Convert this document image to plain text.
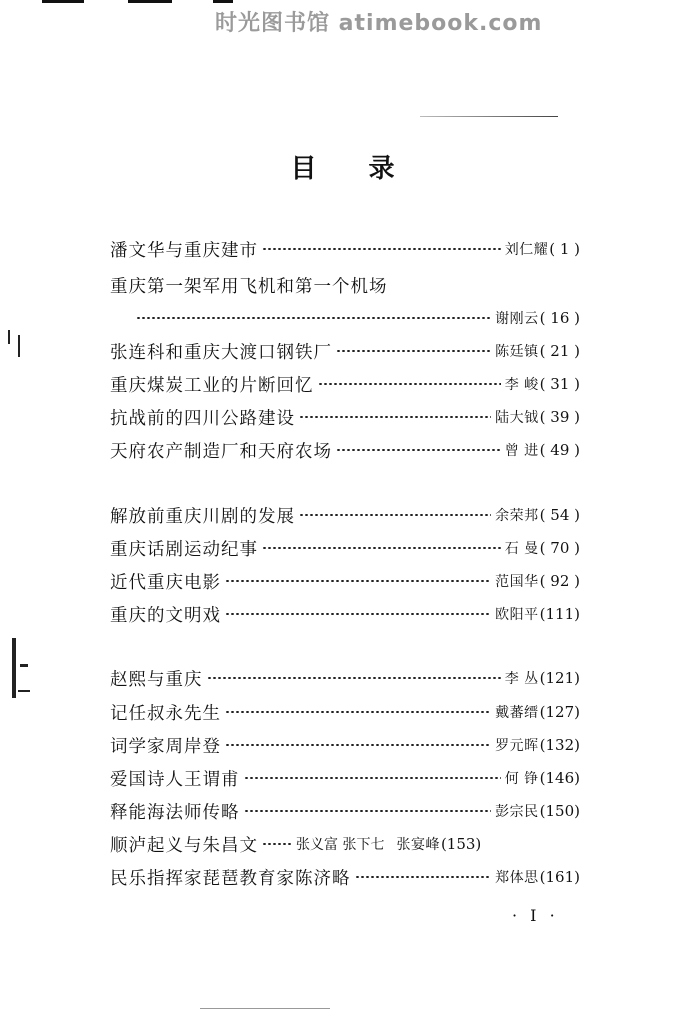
时光图书馆 atimebook.com
目录
潘文华与重庆建市	刘仁耀 ( 1 )
重庆第一架军用飞机和第一个机场
谢刚云 ( 16 )
张连科和重庆大渡口钢铁厂	陈廷镇 ( 21 )
重庆煤炭工业的片断回忆	李 峻 ( 31 )
抗战前的四川公路建设	陆大钺 ( 39 )
天府农产制造厂和天府农场	曾 进 ( 49 )
解放前重庆川剧的发展	余荣邦 ( 54 )
重庆话剧运动纪事	石 曼 ( 70 )
近代重庆电影	范国华 ( 92 )
重庆的文明戏	欧阳平 (111)
赵熙与重庆	李 丛 (121)
记任叔永先生	戴蕃缙 (127)
词学家周岸登	罗元晖 (132)
爱国诗人王谓甫	何 铮 (146)
释能海法师传略	彭宗民 (150)
顺泸起义与朱昌文	张义富 张下七 张宴峰 (153)
民乐指挥家琵琶教育家陈济略	郑体思 (161)
· I ·
